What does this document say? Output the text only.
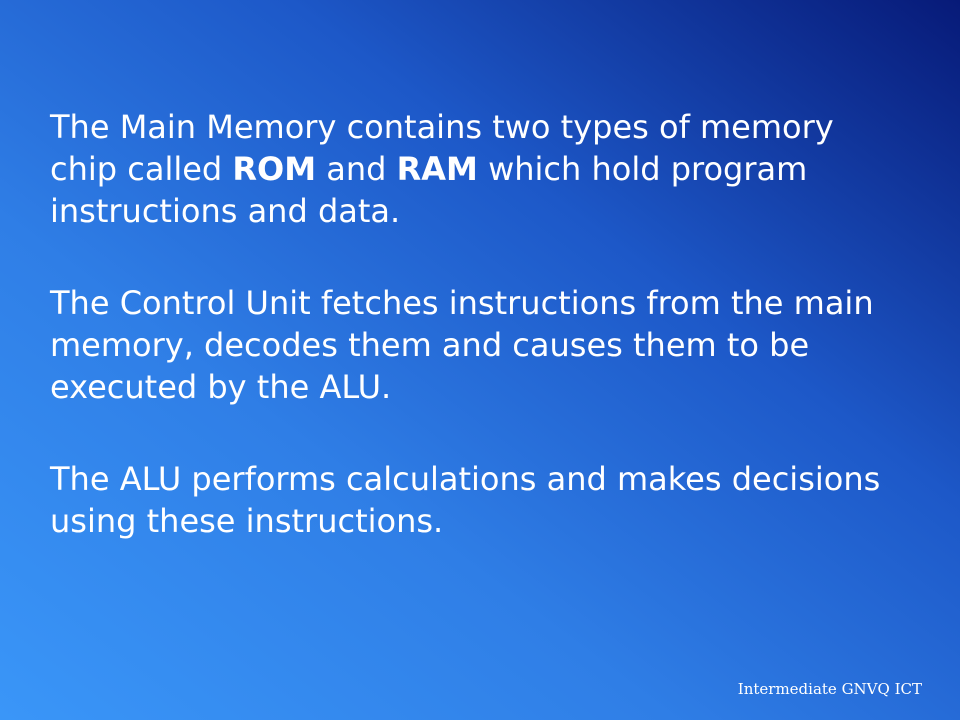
The Main Memory contains two types of memory chip called ROM and RAM which hold program instructions and data.

The Control Unit fetches instructions from the main memory, decodes them and causes them to be executed by the ALU.

The ALU performs calculations and makes decisions using these instructions.

Intermediate GNVQ ICT
